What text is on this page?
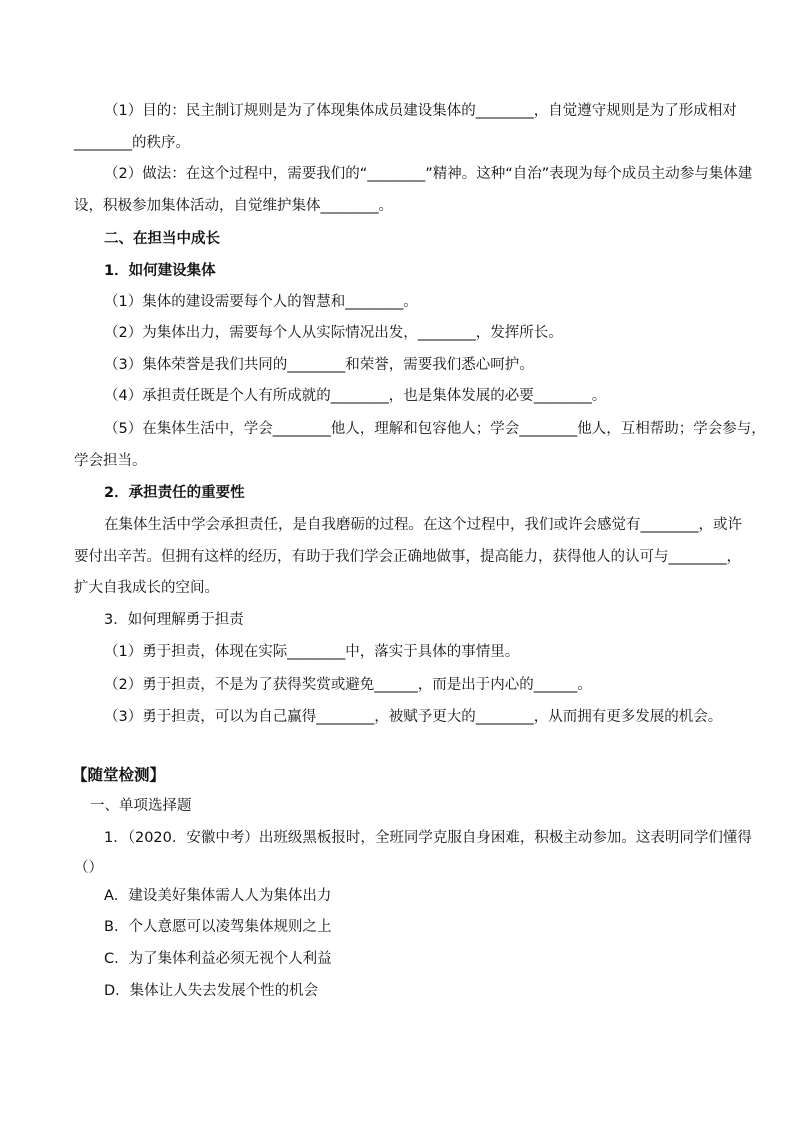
（1）目的：民主制订规则是为了体现集体成员建设集体的________，自觉遵守规则是为了形成相对
________的秩序。
（2）做法：在这个过程中，需要我们的“________”精神。这种“自治”表现为每个成员主动参与集体建
设，积极参加集体活动，自觉维护集体________。
二、在担当中成长
1．如何建设集体
（1）集体的建设需要每个人的智慧和________。
（2）为集体出力，需要每个人从实际情况出发，________，发挥所长。
（3）集体荣誉是我们共同的________和荣誉，需要我们悉心呵护。
（4）承担责任既是个人有所成就的________，也是集体发展的必要________。
（5）在集体生活中，学会________他人，理解和包容他人；学会________他人，互相帮助；学会参与，
学会担当。
2．承担责任的重要性
在集体生活中学会承担责任，是自我磨砺的过程。在这个过程中，我们或许会感觉有________，或许
要付出辛苦。但拥有这样的经历，有助于我们学会正确地做事，提高能力，获得他人的认可与________，
扩大自我成长的空间。
3．如何理解勇于担责
（1）勇于担责，体现在实际________中，落实于具体的事情里。
（2）勇于担责，不是为了获得奖赏或避免______，而是出于内心的______。
（3）勇于担责，可以为自己赢得________，被赋予更大的________，从而拥有更多发展的机会。
【随堂检测】
一、单项选择题
1．（2020．安徽中考）出班级黑板报时，全班同学克服自身困难，积极主动参加。这表明同学们懂得
（）
A．建设美好集体需人人为集体出力
B．个人意愿可以凌驾集体规则之上
C．为了集体利益必须无视个人利益
D．集体让人失去发展个性的机会
